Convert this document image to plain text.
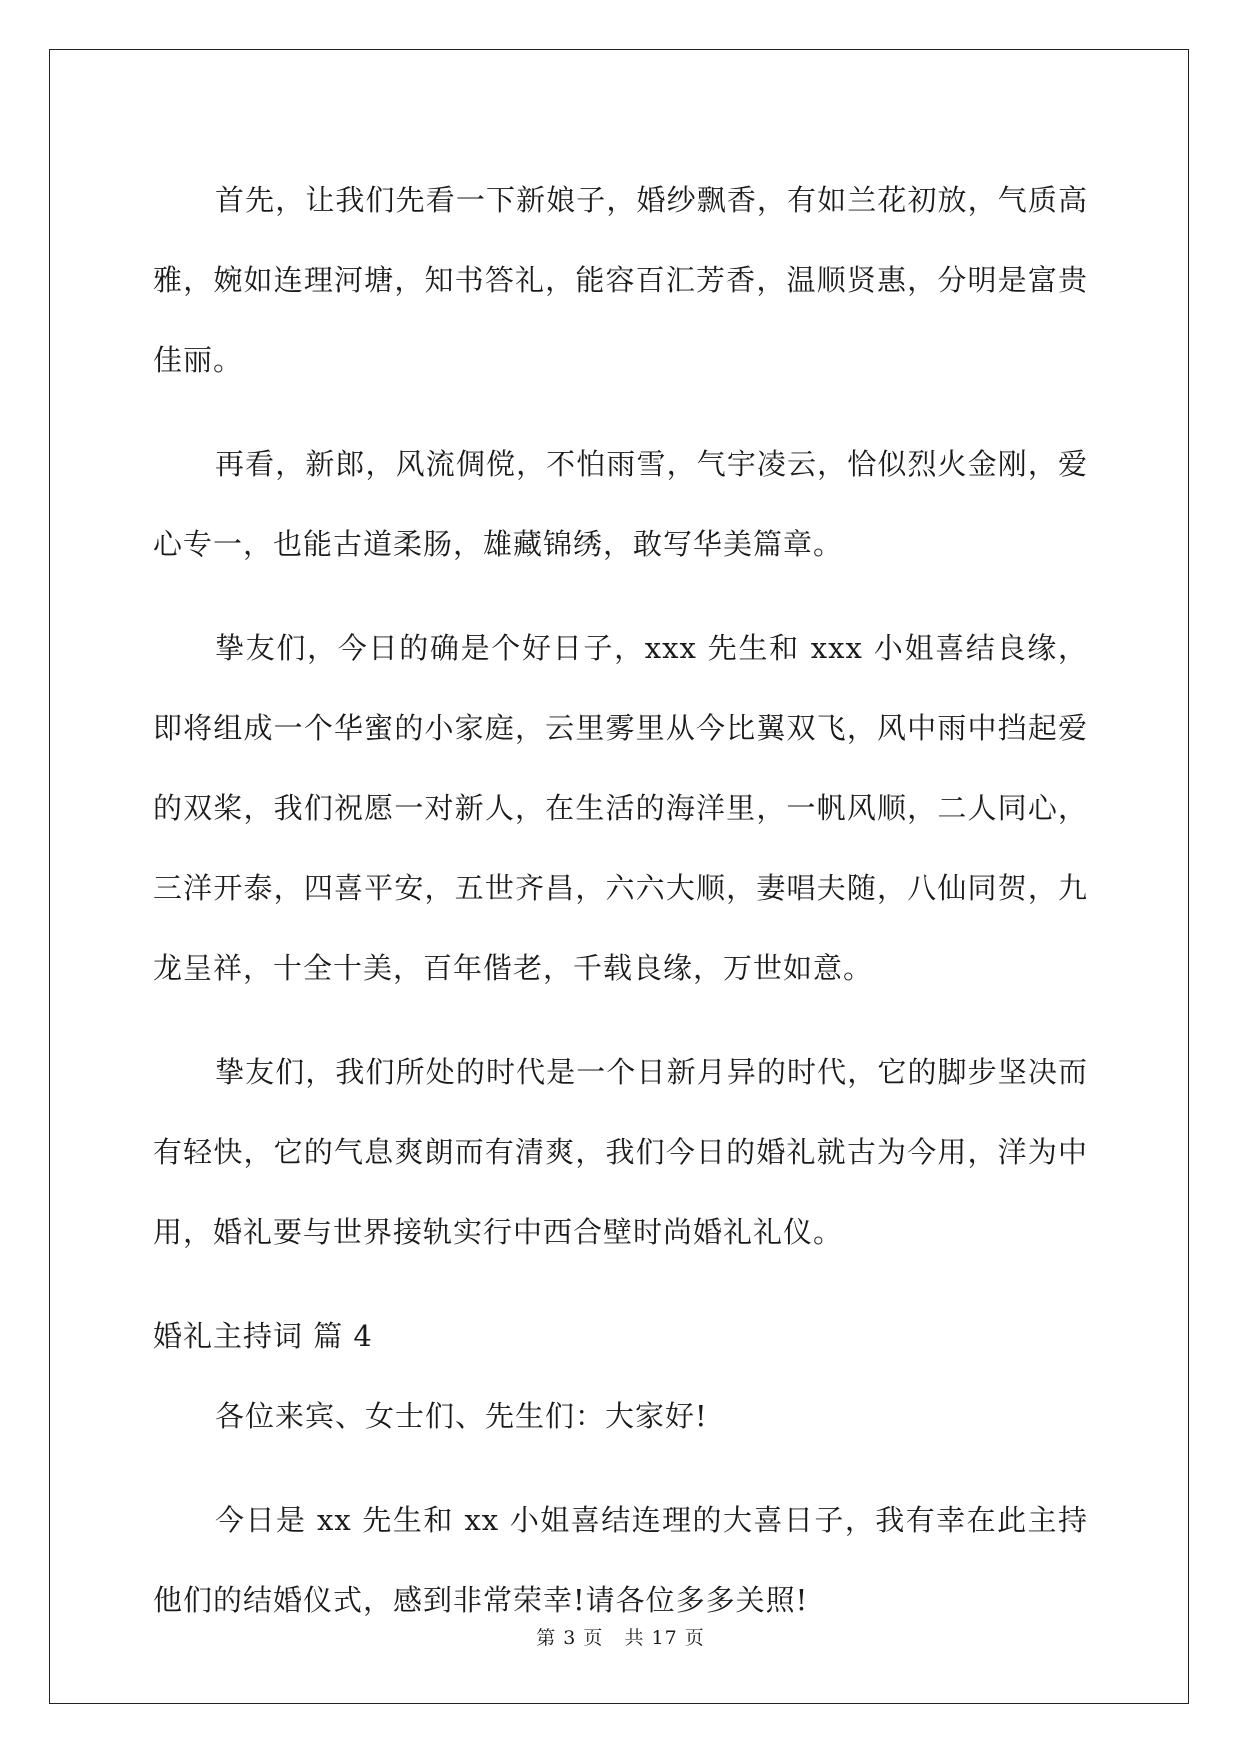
首先，让我们先看一下新娘子，婚纱飘香，有如兰花初放，气质高雅，婉如连理河塘，知书答礼，能容百汇芳香，温顺贤惠，分明是富贵佳丽。

再看，新郎，风流倜傥，不怕雨雪，气宇凌云，恰似烈火金刚，爱心专一，也能古道柔肠，雄藏锦绣，敢写华美篇章。

挚友们，今日的确是个好日子，xxx 先生和 xxx 小姐喜结良缘，即将组成一个华蜜的小家庭，云里雾里从今比翼双飞，风中雨中挡起爱的双桨，我们祝愿一对新人，在生活的海洋里，一帆风顺，二人同心，三洋开泰，四喜平安，五世齐昌，六六大顺，妻唱夫随，八仙同贺，九龙呈祥，十全十美，百年偕老，千载良缘，万世如意。

挚友们，我们所处的时代是一个日新月异的时代，它的脚步坚决而有轻快，它的气息爽朗而有清爽，我们今日的婚礼就古为今用，洋为中用，婚礼要与世界接轨实行中西合壁时尚婚礼礼仪。

婚礼主持词 篇 4

各位来宾、女士们、先生们：大家好!

今日是 xx 先生和 xx 小姐喜结连理的大喜日子，我有幸在此主持他们的结婚仪式，感到非常荣幸!请各位多多关照!

第 3 页 共 17 页
